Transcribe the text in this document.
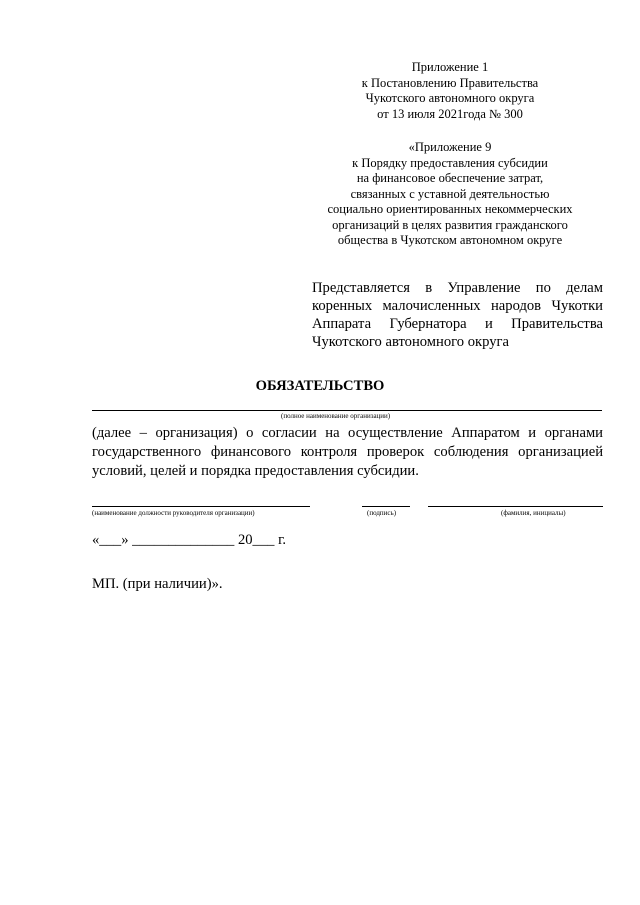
Приложение 1
к Постановлению Правительства
Чукотского автономного округа
от 13 июля 2021года № 300
«Приложение 9
к Порядку предоставления субсидии
на финансовое обеспечение затрат,
связанных с уставной деятельностью
социально ориентированных некоммерческих
организаций в целях развития гражданского
общества в Чукотском автономном округе
Представляется в Управление по делам
коренных малочисленных народов Чукотки
Аппарата Губернатора и Правительства
Чукотского автономного округа
ОБЯЗАТЕЛЬСТВО
(полное наименование организации)
(далее – организация) о согласии на осуществление Аппаратом и органами
государственного финансового контроля проверок соблюдения организацией
условий, целей и порядка предоставления субсидии.
(наименование должности руководителя организации)	(подпись)	(фамилия, инициалы)
«___» ______________ 20___ г.
МП. (при наличии)».
